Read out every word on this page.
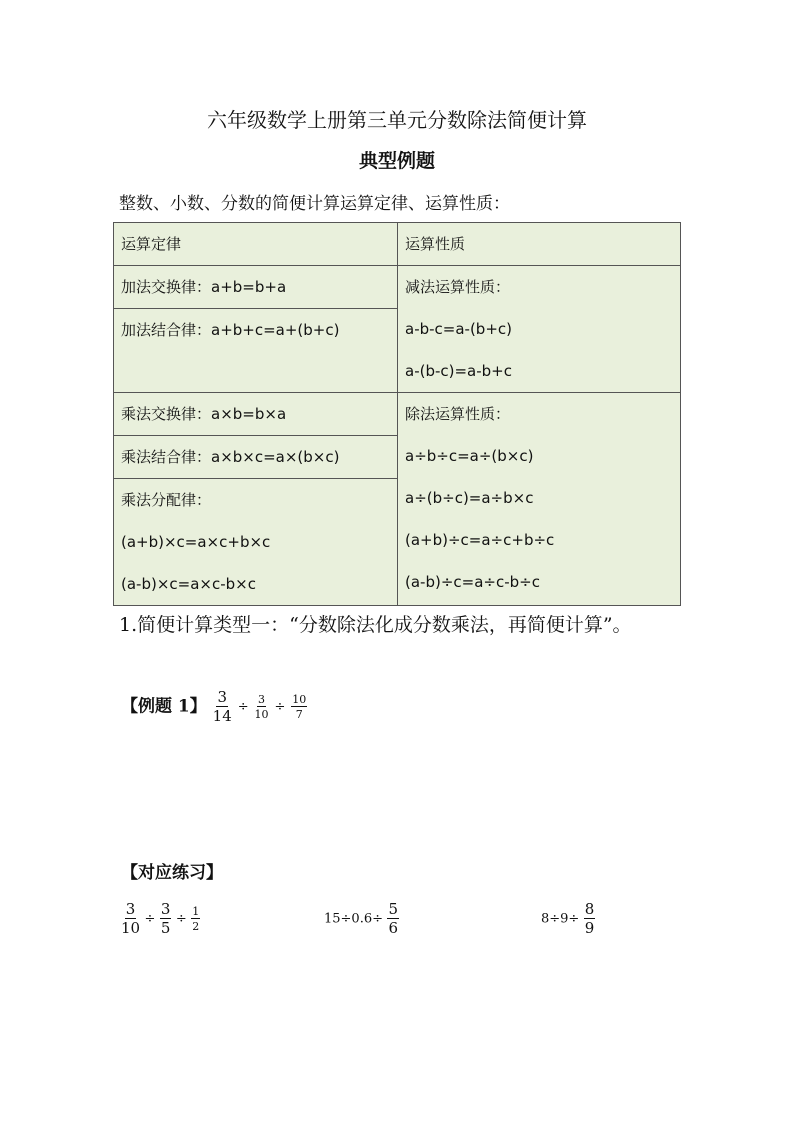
六年级数学上册第三单元分数除法简便计算
典型例题
整数、小数、分数的简便计算运算定律、运算性质：
运算定律	运算性质

加法交换律：a+b=b+a	减法运算性质：
a-b-c=a-(b+c)
a-(b-c)=a-b+c

加法结合律：a+b+c=a+(b+c)	

乘法交换律：a×b=b×a	除法运算性质：
a÷b÷c=a÷(b×c)
a÷(b÷c)=a÷b×c
(a+b)÷c=a÷c+b÷c
(a-b)÷c=a÷c-b÷c

乘法结合律：a×b×c=a×(b×c)	

乘法分配律：
(a+b)×c=a×c+b×c
(a-b)×c=a×c-b×c	
1.简便计算类型一：“分数除法化成分数乘法，再简便计算”。
【例题 1】 $\frac{3}{14} \div \frac{3}{10} \div \frac{10}{7}$
【对应练习】
$\frac{3}{10} \div \frac{3}{5} \div \frac{1}{2}$	$15\div 0.6\div \frac{5}{6}$	$8\div 9\div \frac{8}{9}$
